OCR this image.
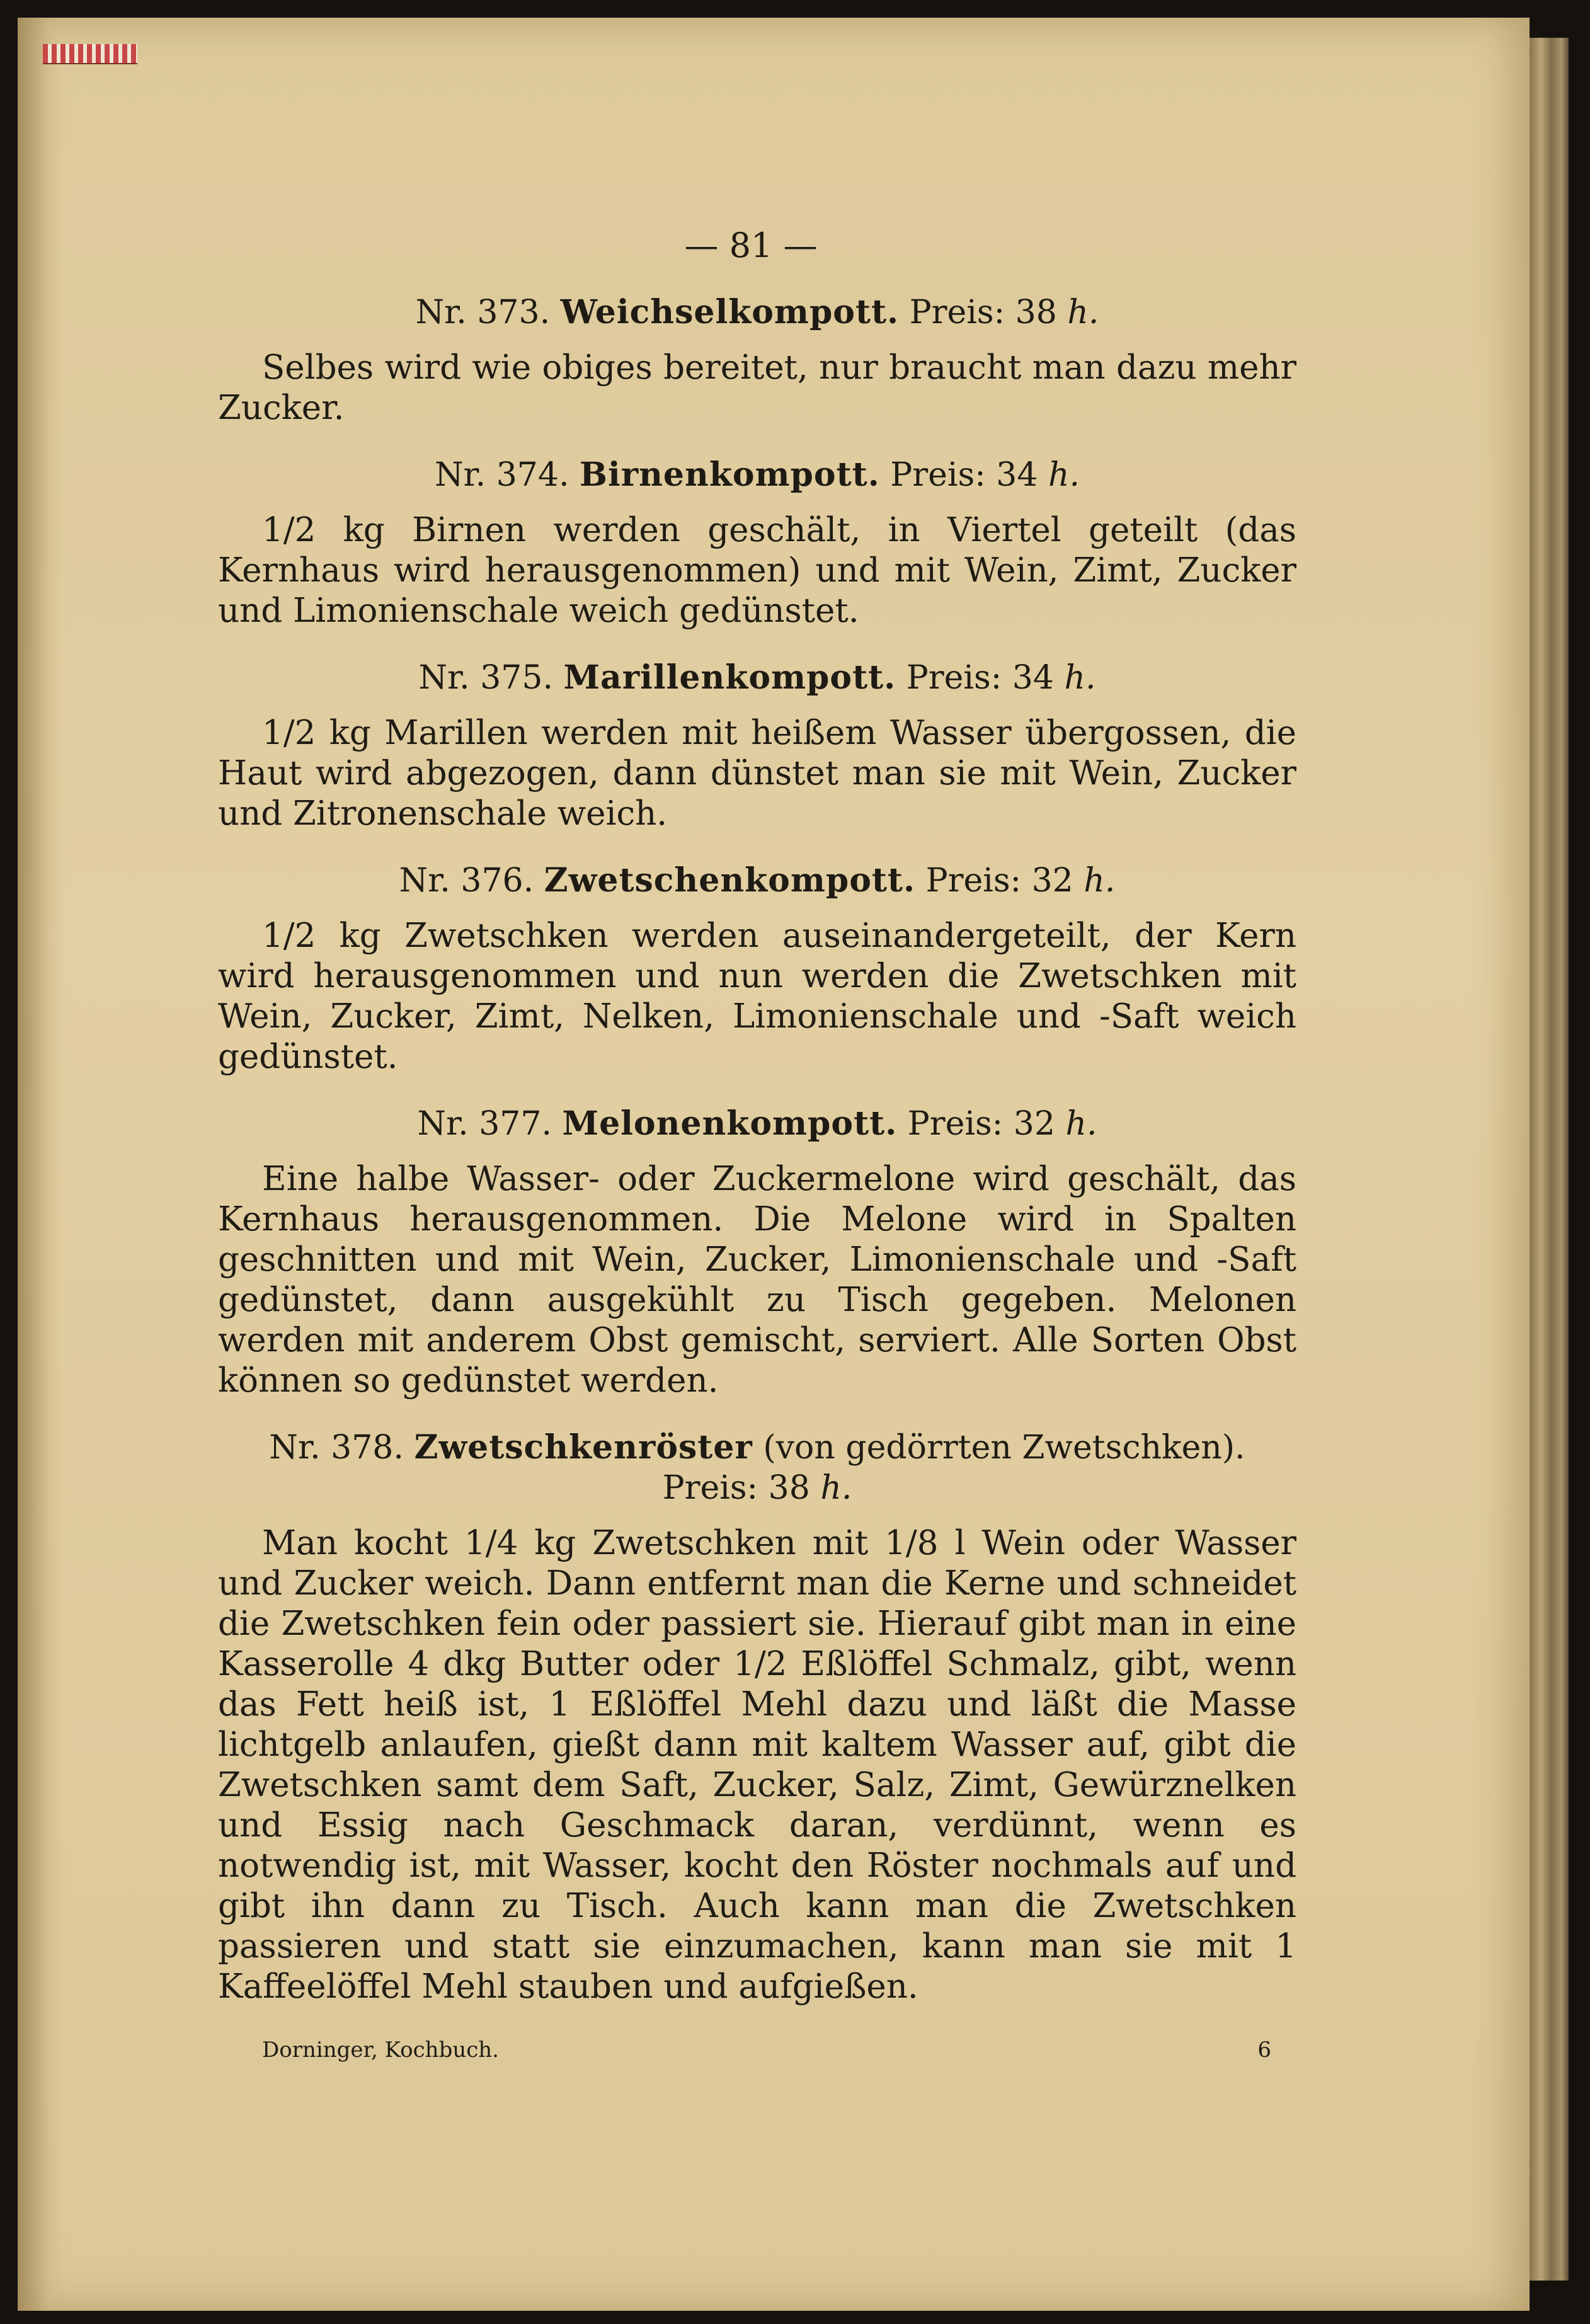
— 81 —
Nr. 373. Weichselkompott. Preis: 38 h.
Selbes wird wie obiges bereitet, nur braucht man dazu mehr Zucker.
Nr. 374. Birnenkompott. Preis: 34 h.
1/2 kg Birnen werden geschält, in Viertel geteilt (das Kernhaus wird herausgenommen) und mit Wein, Zimt, Zucker und Limonienschale weich gedünstet.
Nr. 375. Marillenkompott. Preis: 34 h.
1/2 kg Marillen werden mit heißem Wasser übergossen, die Haut wird abgezogen, dann dünstet man sie mit Wein, Zucker und Zitronenschale weich.
Nr. 376. Zwetschenkompott. Preis: 32 h.
1/2 kg Zwetschken werden auseinandergeteilt, der Kern wird herausgenommen und nun werden die Zwetschken mit Wein, Zucker, Zimt, Nelken, Limonienschale und -Saft weich gedünstet.
Nr. 377. Melonenkompott. Preis: 32 h.
Eine halbe Wasser- oder Zuckermelone wird geschält, das Kernhaus herausgenommen. Die Melone wird in Spalten geschnitten und mit Wein, Zucker, Limonienschale und -Saft gedünstet, dann ausgekühlt zu Tisch gegeben. Melonen werden mit anderem Obst gemischt, serviert. Alle Sorten Obst können so gedünstet werden.
Nr. 378. Zwetschkenröster (von gedörrten Zwetschken). Preis: 38 h.
Man kocht 1/4 kg Zwetschken mit 1/8 l Wein oder Wasser und Zucker weich. Dann entfernt man die Kerne und schneidet die Zwetschken fein oder passiert sie. Hierauf gibt man in eine Kasserolle 4 dkg Butter oder 1/2 Eßlöffel Schmalz, gibt, wenn das Fett heiß ist, 1 Eßlöffel Mehl dazu und läßt die Masse lichtgelb anlaufen, gießt dann mit kaltem Wasser auf, gibt die Zwetschken samt dem Saft, Zucker, Salz, Zimt, Gewürznelken und Essig nach Geschmack daran, verdünnt, wenn es notwendig ist, mit Wasser, kocht den Röster nochmals auf und gibt ihn dann zu Tisch. Auch kann man die Zwetschken passieren und statt sie einzumachen, kann man sie mit 1 Kaffeelöffel Mehl stauben und aufgießen.
Dorninger, Kochbuch.	6
